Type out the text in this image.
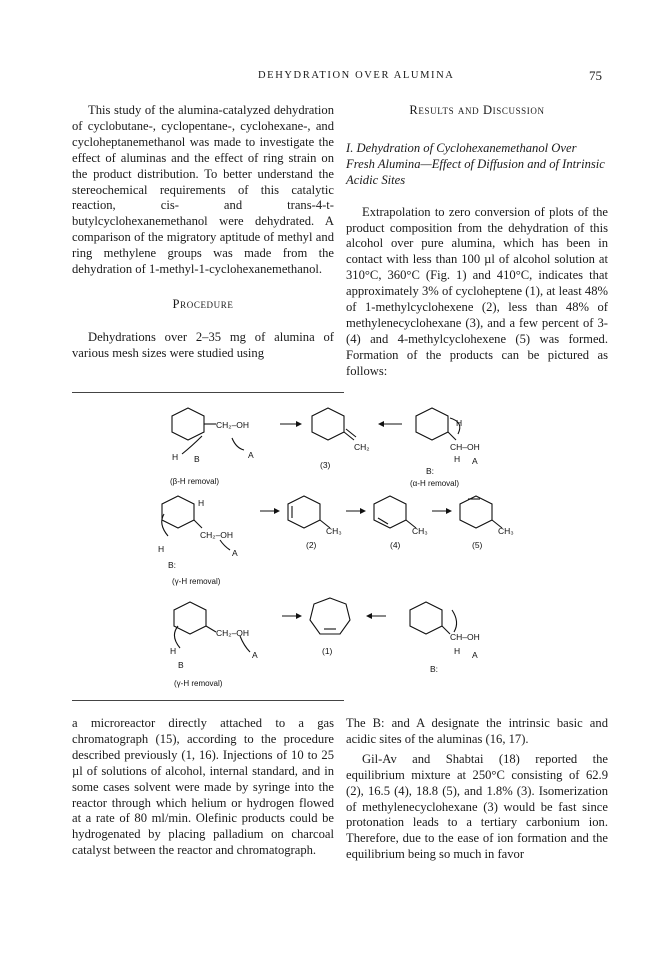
DEHYDRATION OVER ALUMINA	75

This study of the alumina-catalyzed dehydration of cyclobutane-, cyclopentane-, cyclohexane-, and cycloheptanemethanol was made to investigate the effect of aluminas and the effect of ring strain on the product distribution. To better understand the stereochemical requirements of this catalytic reaction, cis- and trans-4-t-butylcyclohexanemethanol were dehydrated. A comparison of the migratory aptitude of methyl and ring methylene groups was made from the dehydration of 1-methyl-1-cyclohexanemethanol.

Procedure

Dehydrations over 2–35 mg of alumina of various mesh sizes were studied using

Results and Discussion

I. Dehydration of Cyclohexanemethanol Over Fresh Alumina—Effect of Diffusion and of Intrinsic Acidic Sites

Extrapolation to zero conversion of plots of the product composition from the dehydration of this alcohol over pure alumina, which has been in contact with less than 100 µl of alcohol solution at 310°C, 360°C (Fig. 1) and 410°C, indicates that approximately 3% of cycloheptene (1), at least 48% of 1-methylcyclohexene (2), less than 48% of methylenecyclohexane (3), and a few percent of 3- (4) and 4-methylcyclohexene (5) was formed. Formation of the products can be pictured as follows:

CH₂–OH
H B	A
CH₂
(3)
H
CH–OH
H A
B:
(β-H removal)	(α-H removal)
H
CH₂–OH
H	A
B:
CH₃
(2)
CH₃
(4)
CH₃
(5)
(γ-H removal)
CH₂–OH
H	A
B
(1)
CH–OH
H A
B:
(γ-H removal)

a microreactor directly attached to a gas chromatograph (15), according to the procedure described previously (1, 16). Injections of 10 to 25 µl of solutions of alcohol, internal standard, and in some cases solvent were made by syringe into the reactor through which helium or hydrogen flowed at a rate of 80 ml/min. Olefinic products could be hydrogenated by placing palladium on charcoal catalyst between the reactor and chromatograph.

The B: and A designate the intrinsic basic and acidic sites of the aluminas (16, 17).

Gil-Av and Shabtai (18) reported the equilibrium mixture at 250°C consisting of 62.9 (2), 16.5 (4), 18.8 (5), and 1.8% (3). Isomerization of methylenecyclohexane (3) would be fast since protonation leads to a tertiary carbonium ion. Therefore, due to the ease of ion formation and the equilibrium being so much in favor
